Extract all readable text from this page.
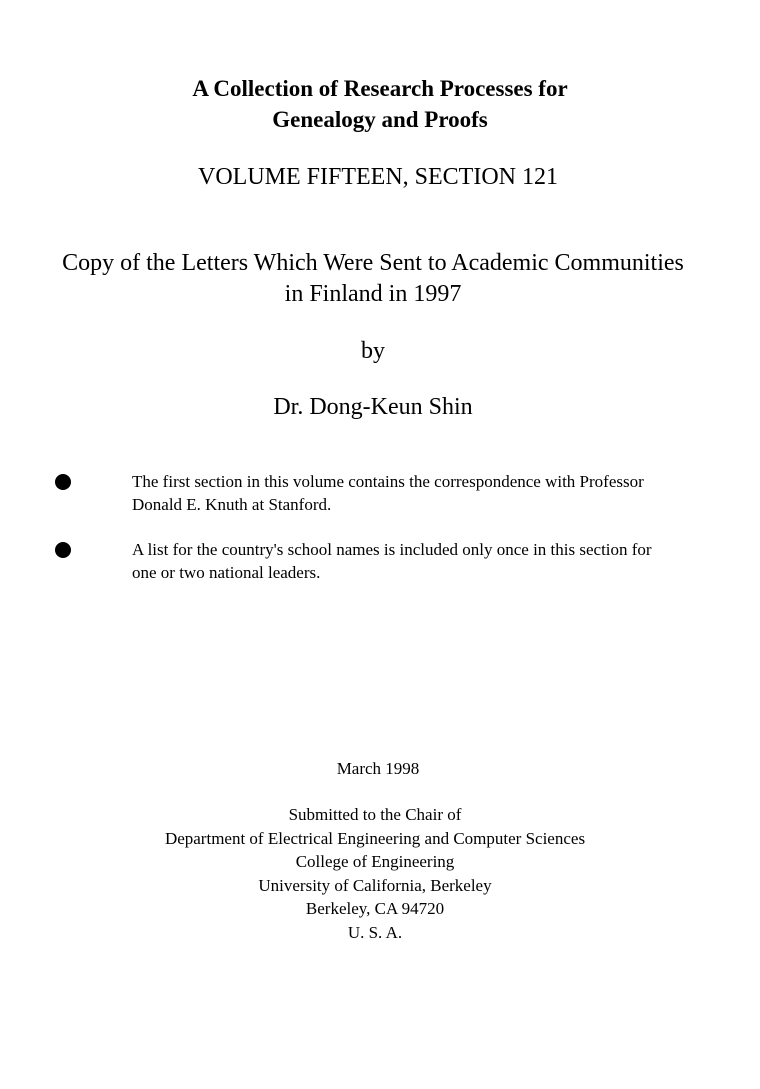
A Collection of Research Processes for
Genealogy and Proofs
VOLUME FIFTEEN, SECTION 121
Copy of the Letters Which Were Sent to Academic Communities
in Finland in 1997
by
Dr. Dong-Keun Shin
The first section in this volume contains the correspondence with Professor
Donald E. Knuth at Stanford.
A list for the country's school names is included only once in this section for
one or two national leaders.
March 1998
Submitted to the Chair of
Department of Electrical Engineering and Computer Sciences
College of Engineering
University of California, Berkeley
Berkeley, CA 94720
U. S. A.
